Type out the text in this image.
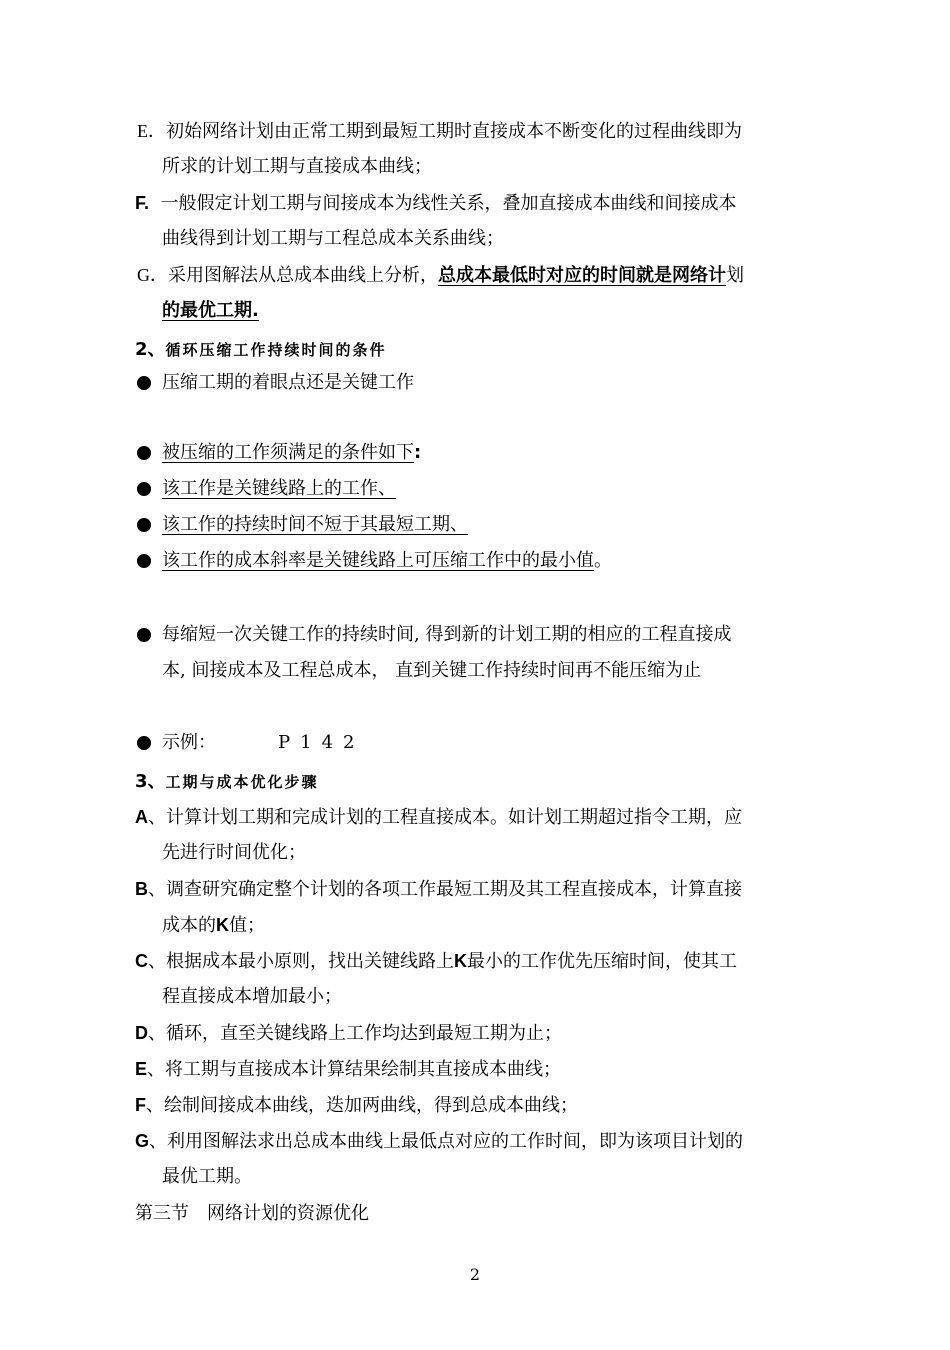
E．初始网络计划由正常工期到最短工期时直接成本不断变化的过程曲线即为
所求的计划工期与直接成本曲线；
F. 一般假定计划工期与间接成本为线性关系，叠加直接成本曲线和间接成本
曲线得到计划工期与工程总成本关系曲线；
G．采用图解法从总成本曲线上分析，总成本最低时对应的时间就是网络计划
的最优工期.
2、循环压缩工作持续时间的条件
压缩工期的着眼点还是关键工作
被压缩的工作须满足的条件如下:
该工作是关键线路上的工作、
该工作的持续时间不短于其最短工期、
该工作的成本斜率是关键线路上可压缩工作中的最小值。
每缩短一次关键工作的持续时间, 得到新的计划工期的相应的工程直接成
本, 间接成本及工程总成本， 直到关键工作持续时间再不能压缩为止
示例：	P142
3、工期与成本优化步骤
A、计算计划工期和完成计划的工程直接成本。如计划工期超过指令工期，应
先进行时间优化；
B、调查研究确定整个计划的各项工作最短工期及其工程直接成本，计算直接
成本的K值；
C、根据成本最小原则，找出关键线路上K最小的工作优先压缩时间，使其工
程直接成本增加最小；
D、循环，直至关键线路上工作均达到最短工期为止；
E、将工期与直接成本计算结果绘制其直接成本曲线；
F、绘制间接成本曲线，迭加两曲线，得到总成本曲线；
G、利用图解法求出总成本曲线上最低点对应的工作时间，即为该项目计划的
最优工期。
第三节　网络计划的资源优化
2
